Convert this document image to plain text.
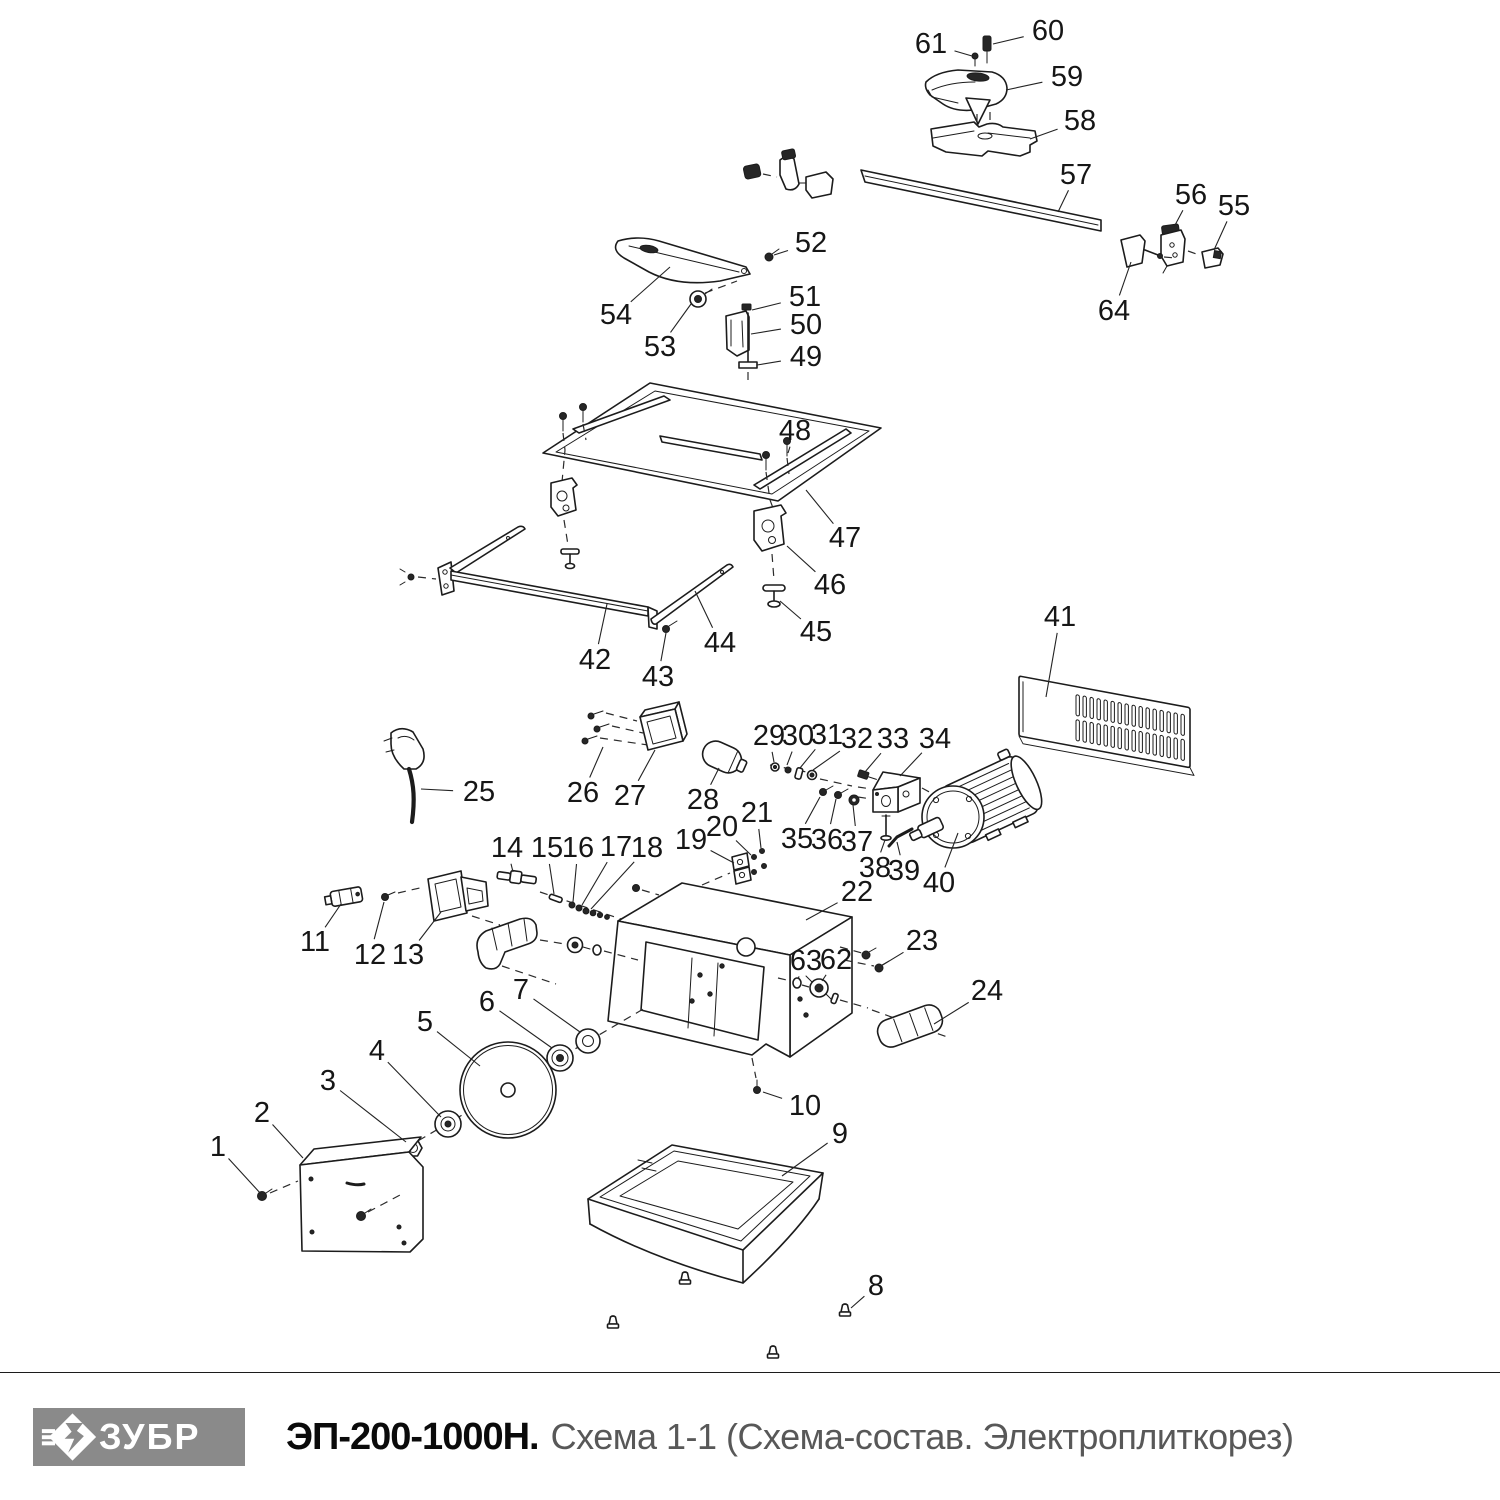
1
2
3
4
5
6 7
8
9
10
11 12 13
14 15
16 17
18 19
20 21
22
23
24
25 26 27 28
29
30
31
32 33 34
35
36
37
38
39 40
41
42
43
44 45
46
47
48
49
50
51
52
53
54
55
56
57
58
59
60
61
62
63
64
ЗУБР ЭП-200-1000Н. Схема 1-1 (Схема-состав. Электроплиткорез)
